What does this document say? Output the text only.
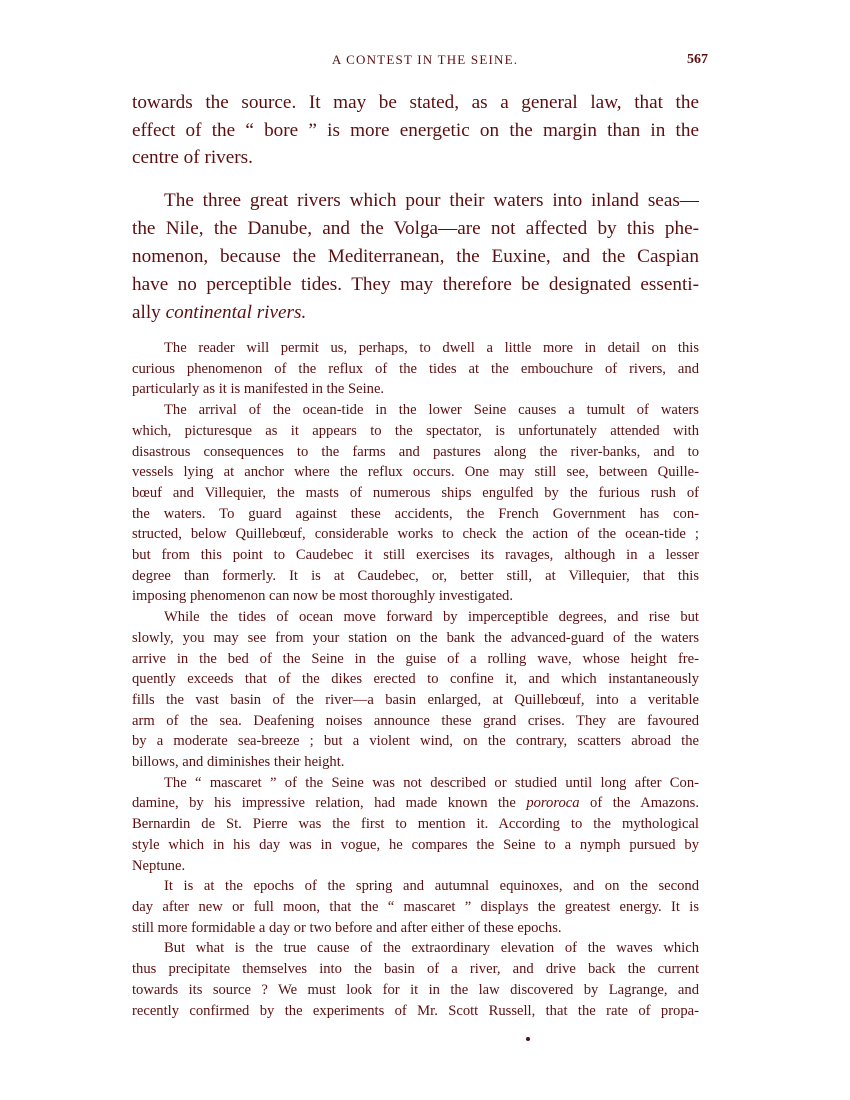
A CONTEST IN THE SEINE.	567
towards the source. It may be stated, as a general law, that the
effect of the “ bore ” is more energetic on the margin than in the
centre of rivers.
The three great rivers which pour their waters into inland seas—
the Nile, the Danube, and the Volga—are not affected by this phe-
nomenon, because the Mediterranean, the Euxine, and the Caspian
have no perceptible tides. They may therefore be designated essenti-
ally continental rivers.
The reader will permit us, perhaps, to dwell a little more in detail on this
curious phenomenon of the reflux of the tides at the embouchure of rivers, and
particularly as it is manifested in the Seine.
The arrival of the ocean-tide in the lower Seine causes a tumult of waters
which, picturesque as it appears to the spectator, is unfortunately attended with
disastrous consequences to the farms and pastures along the river-banks, and to
vessels lying at anchor where the reflux occurs. One may still see, between Quille-
bœuf and Villequier, the masts of numerous ships engulfed by the furious rush of
the waters. To guard against these accidents, the French Government has con-
structed, below Quillebœuf, considerable works to check the action of the ocean-tide ;
but from this point to Caudebec it still exercises its ravages, although in a lesser
degree than formerly. It is at Caudebec, or, better still, at Villequier, that this
imposing phenomenon can now be most thoroughly investigated.
While the tides of ocean move forward by imperceptible degrees, and rise but
slowly, you may see from your station on the bank the advanced-guard of the waters
arrive in the bed of the Seine in the guise of a rolling wave, whose height fre-
quently exceeds that of the dikes erected to confine it, and which instantaneously
fills the vast basin of the river—a basin enlarged, at Quillebœuf, into a veritable
arm of the sea. Deafening noises announce these grand crises. They are favoured
by a moderate sea-breeze ; but a violent wind, on the contrary, scatters abroad the
billows, and diminishes their height.
The “ mascaret ” of the Seine was not described or studied until long after Con-
damine, by his impressive relation, had made known the pororoca of the Amazons.
Bernardin de St. Pierre was the first to mention it. According to the mythological
style which in his day was in vogue, he compares the Seine to a nymph pursued by
Neptune.
It is at the epochs of the spring and autumnal equinoxes, and on the second
day after new or full moon, that the “ mascaret ” displays the greatest energy. It is
still more formidable a day or two before and after either of these epochs.
But what is the true cause of the extraordinary elevation of the waves which
thus precipitate themselves into the basin of a river, and drive back the current
towards its source ? We must look for it in the law discovered by Lagrange, and
recently confirmed by the experiments of Mr. Scott Russell, that the rate of propa-
